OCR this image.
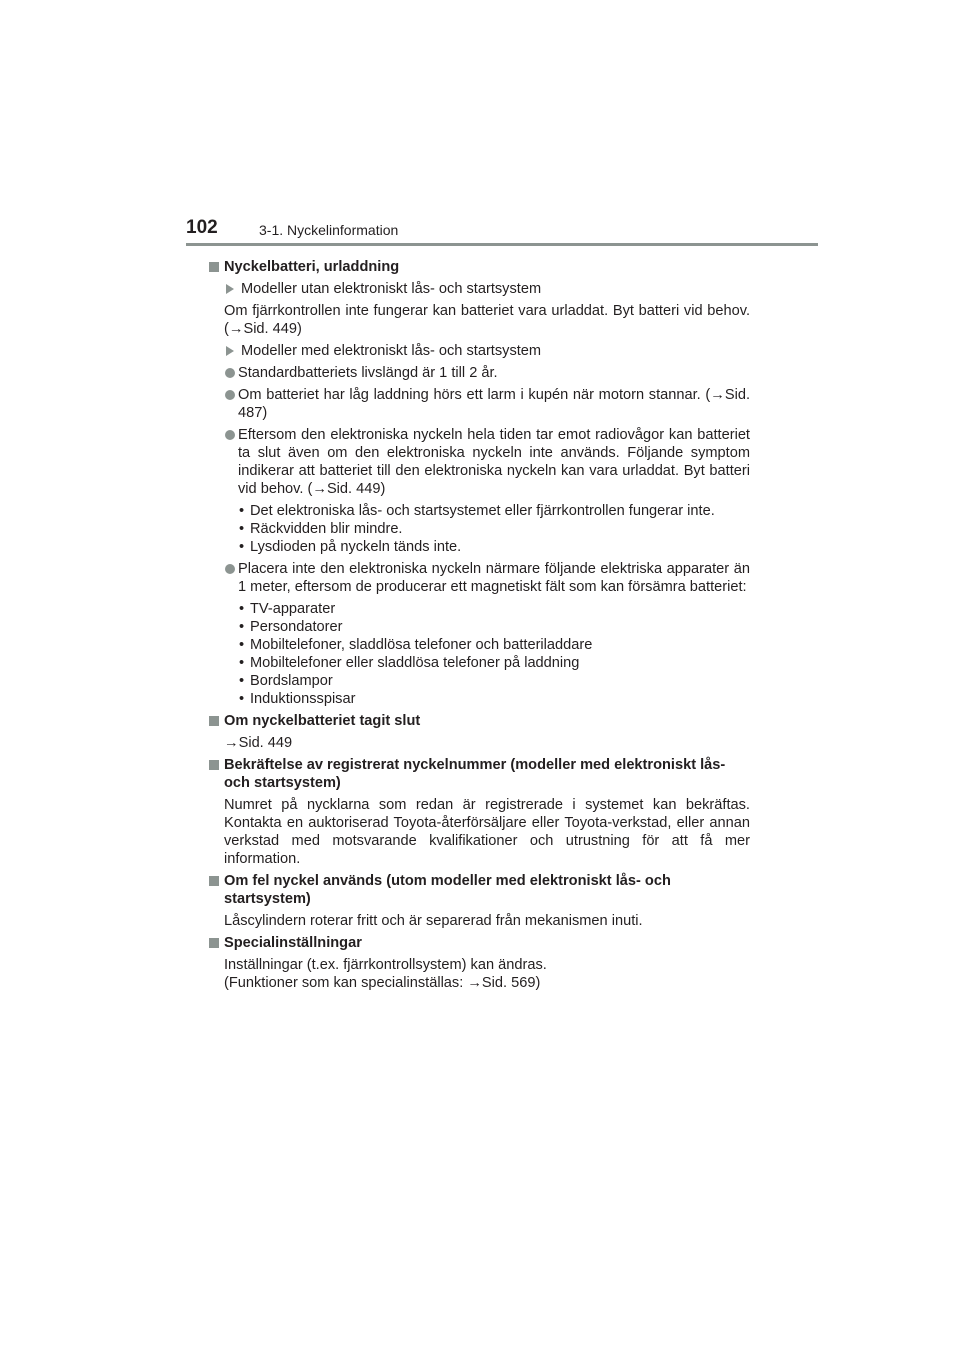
102	3-1. Nyckelinformation
Nyckelbatteri, urladdning
Modeller utan elektroniskt lås- och startsystem
Om fjärrkontrollen inte fungerar kan batteriet vara urladdat. Byt batteri vid behov. (→Sid. 449)
Modeller med elektroniskt lås- och startsystem
Standardbatteriets livslängd är 1 till 2 år.
Om batteriet har låg laddning hörs ett larm i kupén när motorn stannar. (→Sid. 487)
Eftersom den elektroniska nyckeln hela tiden tar emot radiovågor kan batteriet ta slut även om den elektroniska nyckeln inte används. Följande symptom indikerar att batteriet till den elektroniska nyckeln kan vara urladdat. Byt batteri vid behov. (→Sid. 449)
• Det elektroniska lås- och startsystemet eller fjärrkontrollen fungerar inte.
• Räckvidden blir mindre.
• Lysdioden på nyckeln tänds inte.
Placera inte den elektroniska nyckeln närmare följande elektriska apparater än 1 meter, eftersom de producerar ett magnetiskt fält som kan försämra batteriet:
• TV-apparater
• Persondatorer
• Mobiltelefoner, sladdlösa telefoner och batteriladdare
• Mobiltelefoner eller sladdlösa telefoner på laddning
• Bordslampor
• Induktionsspisar
Om nyckelbatteriet tagit slut
→Sid. 449
Bekräftelse av registrerat nyckelnummer (modeller med elektroniskt lås- och startsystem)
Numret på nycklarna som redan är registrerade i systemet kan bekräftas. Kontakta en auktoriserad Toyota-återförsäljare eller Toyota-verkstad, eller annan verkstad med motsvarande kvalifikationer och utrustning för att få mer information.
Om fel nyckel används (utom modeller med elektroniskt lås- och startsystem)
Låscylindern roterar fritt och är separerad från mekanismen inuti.
Specialinställningar
Inställningar (t.ex. fjärrkontrollsystem) kan ändras.
(Funktioner som kan specialinställas: →Sid. 569)
